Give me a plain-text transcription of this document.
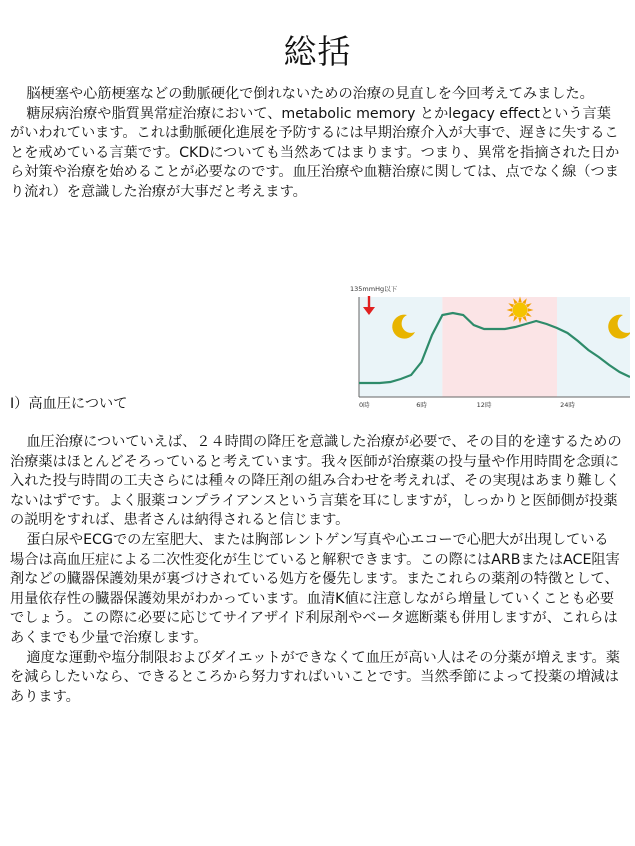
総括

脳梗塞や心筋梗塞などの動脈硬化で倒れないための治療の見直しを今回考えてみました。

糖尿病治療や脂質異常症治療において、metabolic memory とかlegacy effectという言葉がいわれています。これは動脈硬化進展を予防するには早期治療介入が大事で、遅きに失することを戒めている言葉です。CKDについても当然あてはまります。つまり、異常を指摘された日から対策や治療を始めることが必要なのです。血圧治療や血糖治療に関しては、点でなく線（つまり流れ）を意識した治療が大事だと考えます。

0時	6時	12時	24時
135mmHg以下
Ⅰ）高血圧について

血圧治療についていえば、２４時間の降圧を意識した治療が必要で、その目的を達するための治療薬はほとんどそろっていると考えています。我々医師が治療薬の投与量や作用時間を念頭に入れた投与時間の工夫さらには種々の降圧剤の組み合わせを考えれば、その実現はあまり難しくないはずです。よく服薬コンプライアンスという言葉を耳にしますが，しっかりと医師側が投薬の説明をすれば、患者さんは納得されると信じます。

蛋白尿やECGでの左室肥大、または胸部レントゲン写真や心エコーで心肥大が出現している場合は高血圧症による二次性変化が生じていると解釈できます。この際にはARBまたはACE阻害剤などの臓器保護効果が裏づけされている処方を優先します。またこれらの薬剤の特徴として、用量依存性の臓器保護効果がわかっています。血清K値に注意しながら増量していくことも必要でしょう。この際に必要に応じてサイアザイド利尿剤やベータ遮断薬も併用しますが、これらはあくまでも少量で治療します。

適度な運動や塩分制限およびダイエットができなくて血圧が高い人はその分薬が増えます。薬を減らしたいなら、できるところから努力すればいいことです。当然季節によって投薬の増減はあります。
